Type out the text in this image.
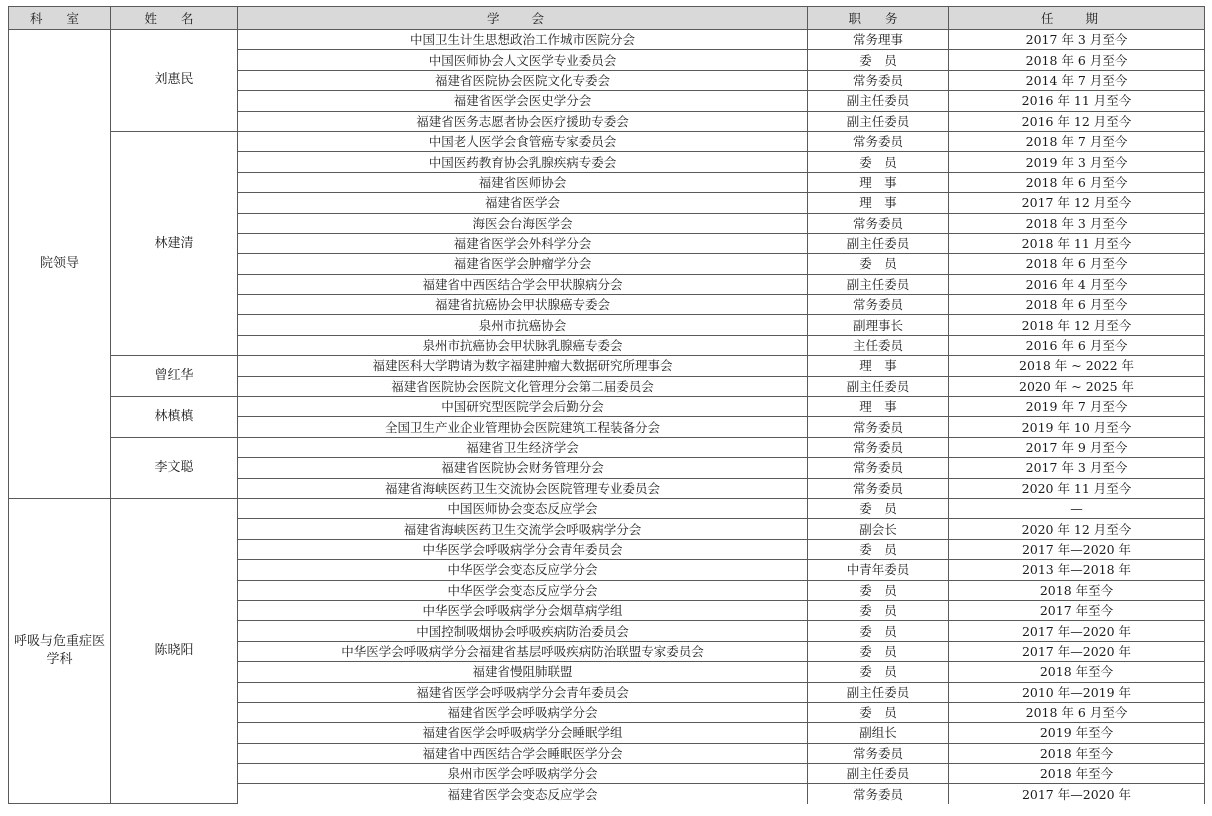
科 室	姓 名	学 会	职 务	任 期
院领导	刘惠民	中国卫生计生思想政治工作城市医院分会	常务理事	2017 年 3 月至今
		中国医师协会人文医学专业委员会	委　员	2018 年 6 月至今
		福建省医院协会医院文化专委会	常务委员	2014 年 7 月至今
		福建省医学会医史学分会	副主任委员	2016 年 11 月至今
		福建省医务志愿者协会医疗援助专委会	副主任委员	2016 年 12 月至今
	林建清	中国老人医学会食管癌专家委员会	常务委员	2018 年 7 月至今
		中国医药教育协会乳腺疾病专委会	委　员	2019 年 3 月至今
		福建省医师协会	理　事	2018 年 6 月至今
		福建省医学会	理　事	2017 年 12 月至今
		海医会台海医学会	常务委员	2018 年 3 月至今
		福建省医学会外科学分会	副主任委员	2018 年 11 月至今
		福建省医学会肿瘤学分会	委　员	2018 年 6 月至今
		福建省中西医结合学会甲状腺病分会	副主任委员	2016 年 4 月至今
		福建省抗癌协会甲状腺癌专委会	常务委员	2018 年 6 月至今
		泉州市抗癌协会	副理事长	2018 年 12 月至今
		泉州市抗癌协会甲状脉乳腺癌专委会	主任委员	2016 年 6 月至今
	曾红华	福建医科大学聘请为数字福建肿瘤大数据研究所理事会	理　事	2018 年 ~ 2022 年
		福建省医院协会医院文化管理分会第二届委员会	副主任委员	2020 年 ~ 2025 年
	林槙槙	中国研究型医院学会后勤分会	理　事	2019 年 7 月至今
		全国卫生产业企业管理协会医院建筑工程装备分会	常务委员	2019 年 10 月至今
	李文聪	福建省卫生经济学会	常务委员	2017 年 9 月至今
		福建省医院协会财务管理分会	常务委员	2017 年 3 月至今
		福建省海峡医药卫生交流协会医院管理专业委员会	常务委员	2020 年 11 月至今
呼吸与危重症医学科	陈晓阳	中国医师协会变态反应学会	委　员	—
		福建省海峡医药卫生交流学会呼吸病学分会	副会长	2020 年 12 月至今
		中华医学会呼吸病学分会青年委员会	委　员	2017 年—2020 年
		中华医学会变态反应学分会	中青年委员	2013 年—2018 年
		中华医学会变态反应学分会	委　员	2018 年至今
		中华医学会呼吸病学分会烟草病学组	委　员	2017 年至今
		中国控制吸烟协会呼吸疾病防治委员会	委　员	2017 年—2020 年
		中华医学会呼吸病学分会福建省基层呼吸疾病防治联盟专家委员会	委　员	2017 年—2020 年
		福建省慢阻肺联盟	委　员	2018 年至今
		福建省医学会呼吸病学分会青年委员会	副主任委员	2010 年—2019 年
		福建省医学会呼吸病学分会	委　员	2018 年 6 月至今
		福建省医学会呼吸病学分会睡眠学组	副组长	2019 年至今
		福建省中西医结合学会睡眠医学分会	常务委员	2018 年至今
		泉州市医学会呼吸病学分会	副主任委员	2018 年至今
		福建省医学会变态反应学会	常务委员	2017 年—2020 年
